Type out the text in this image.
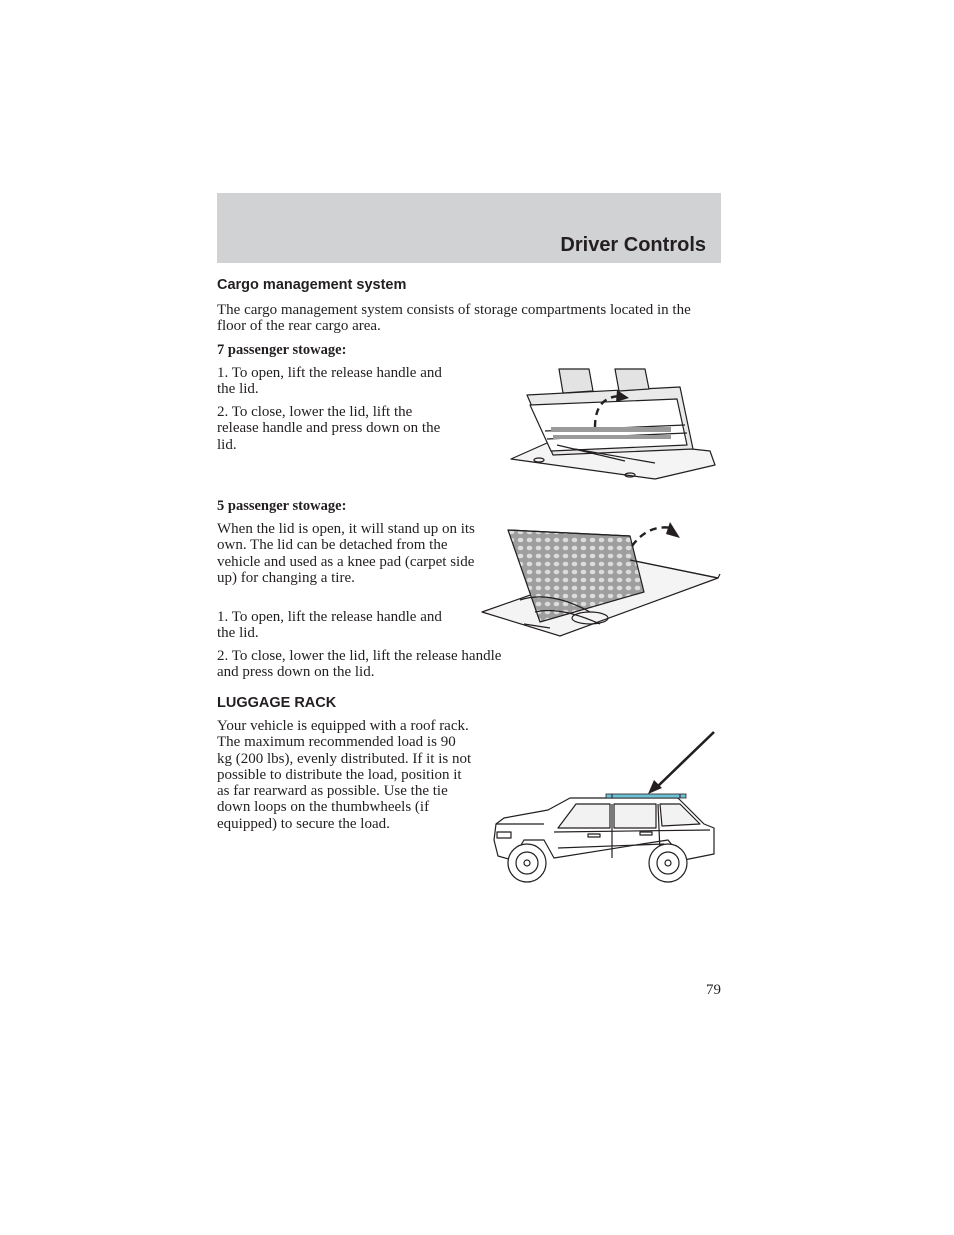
Driver Controls
Cargo management system

The cargo management system consists of storage compartments located in the floor of the rear cargo area.

7 passenger stowage:

1. To open, lift the release handle and the lid.

2. To close, lower the lid, lift the release handle and press down on the lid.

5 passenger stowage:

When the lid is open, it will stand up on its own. The lid can be detached from the vehicle and used as a knee pad (carpet side up) for changing a tire.

1. To open, lift the release handle and the lid.

2. To close, lower the lid, lift the release handle and press down on the lid.

LUGGAGE RACK

Your vehicle is equipped with a roof rack. The maximum recommended load is 90 kg (200 lbs), evenly distributed. If it is not possible to distribute the load, position it as far rearward as possible. Use the tie down loops on the thumbwheels (if equipped) to secure the load.

79
